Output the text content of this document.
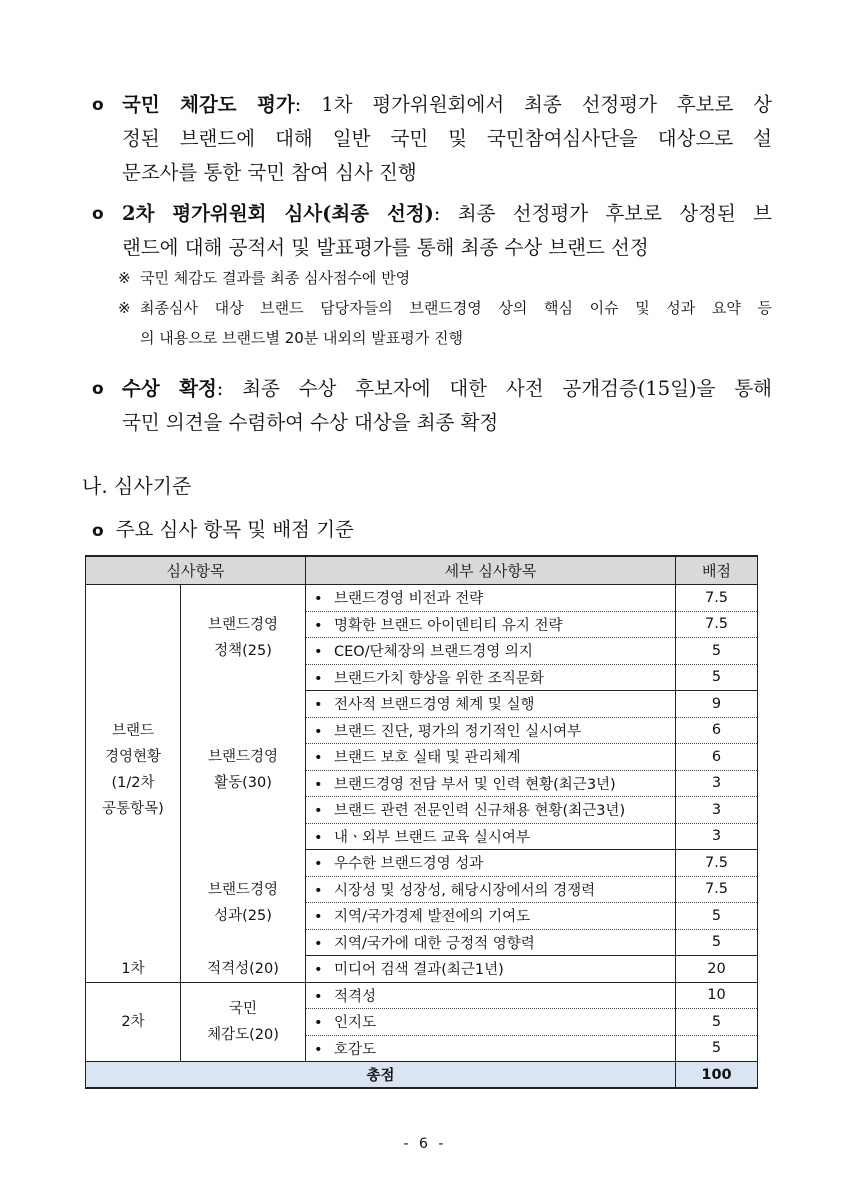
o 국민 체감도 평가: 1차 평가위원회에서 최종 선정평가 후보로 상
정된 브랜드에 대해 일반 국민 및 국민참여심사단을 대상으로 설
문조사를 통한 국민 참여 심사 진행
o 2차 평가위원회 심사(최종 선정): 최종 선정평가 후보로 상정된 브
랜드에 대해 공적서 및 발표평가를 통해 최종 수상 브랜드 선정
※ 국민 체감도 결과를 최종 심사점수에 반영
※ 최종심사 대상 브랜드 담당자들의 브랜드경영 상의 핵심 이슈 및 성과 요약 등
의 내용으로 브랜드별 20분 내외의 발표평가 진행
o 수상 확정: 최종 수상 후보자에 대한 사전 공개검증(15일)을 통해
국민 의견을 수렴하여 수상 대상을 최종 확정
나. 심사기준
o 주요 심사 항목 및 배점 기준
심사항목		세부 심사항목	배점
브랜드
경영현황
(1/2차
공통항목)	브랜드경영
정책(25)	• 브랜드경영 비전과 전략	7.5
		• 명확한 브랜드 아이덴티티 유지 전략	7.5
		• CEO/단체장의 브랜드경영 의지	5
		• 브랜드가치 향상을 위한 조직문화	5
	브랜드경영
활동(30)	• 전사적 브랜드경영 체계 및 실행	9
		• 브랜드 진단, 평가의 정기적인 실시여부	6
		• 브랜드 보호 실태 및 관리체계	6
		• 브랜드경영 전담 부서 및 인력 현황(최근3년)	3
		• 브랜드 관련 전문인력 신규채용 현황(최근3년)	3
		• 내ㆍ외부 브랜드 교육 실시여부	3
	브랜드경영
성과(25)	• 우수한 브랜드경영 성과	7.5
		• 시장성 및 성장성, 해당시장에서의 경쟁력	7.5
		• 지역/국가경제 발전에의 기여도	5
		• 지역/국가에 대한 긍정적 영향력	5
1차	적격성(20)	• 미디어 검색 결과(최근1년)	20
2차	국민
체감도(20)	• 적격성	10
		• 인지도	5
		• 호감도	5
총점			100
- 6 -
